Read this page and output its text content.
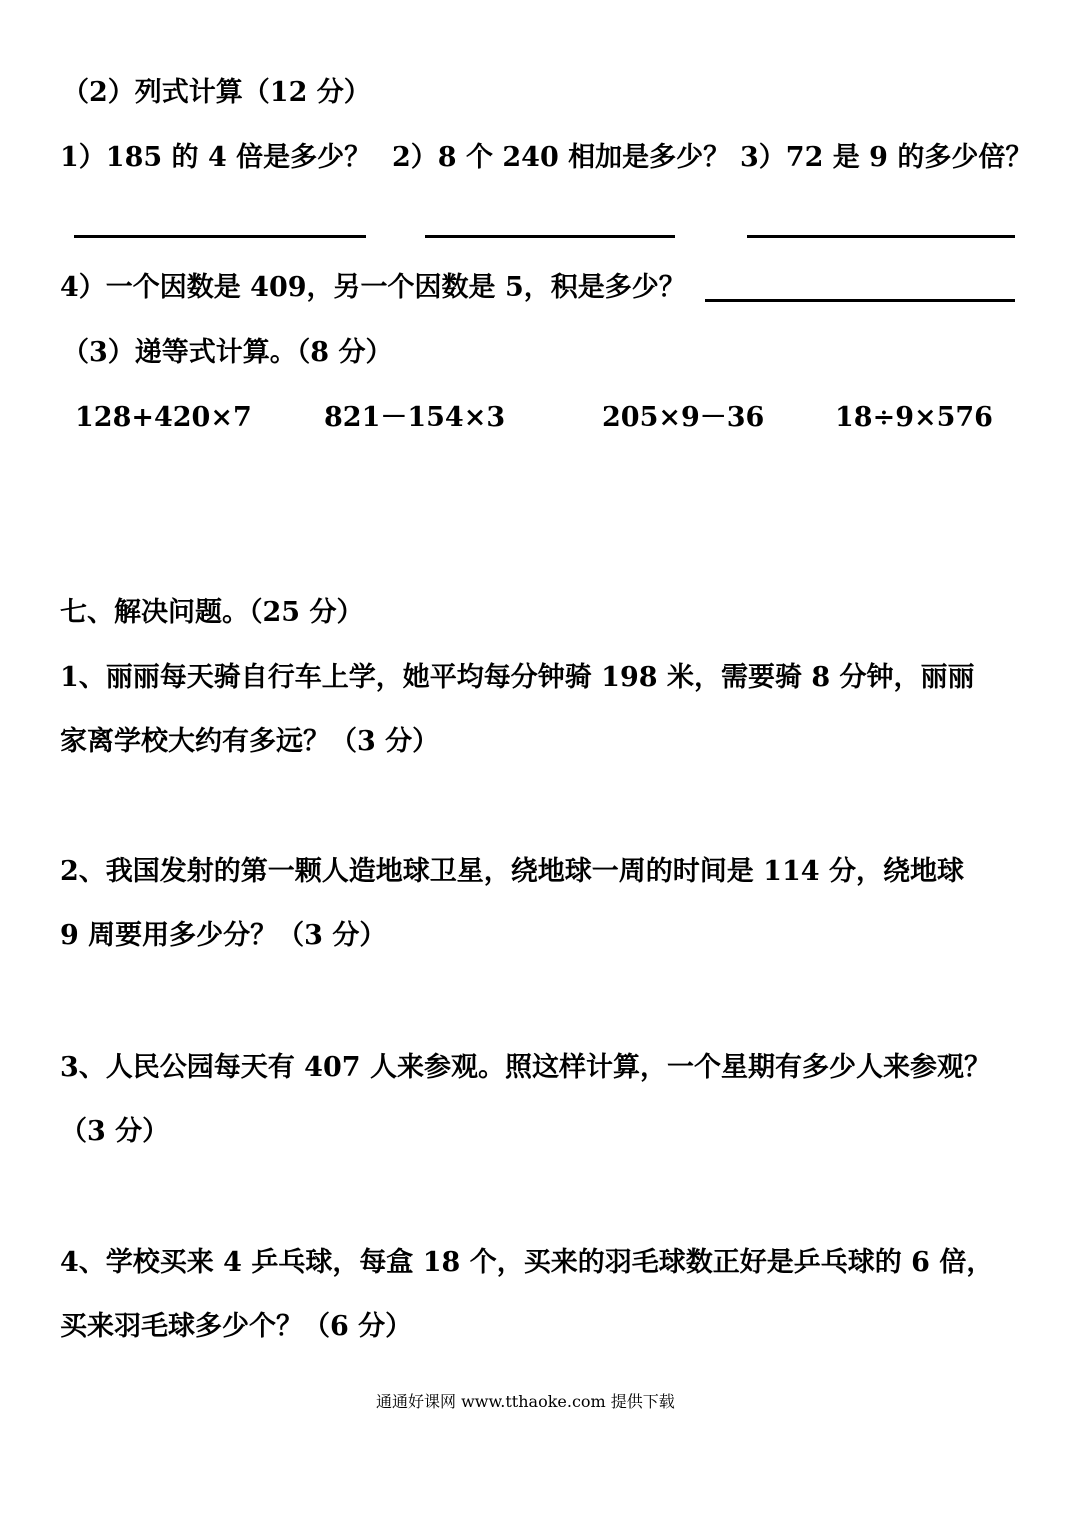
（2）列式计算（12 分）
1）185 的 4 倍是多少？ 2）8 个 240 相加是多少？ 3）72 是 9 的多少倍？
4）一个因数是 409，另一个因数是 5，积是多少？
（3）递等式计算。（8 分）
128+420×7	821－154×3	205×9－36	18÷9×576
七、解决问题。（25 分）
1、丽丽每天骑自行车上学，她平均每分钟骑 198 米，需要骑 8 分钟，丽丽
家离学校大约有多远？（3 分）
2、我国发射的第一颗人造地球卫星，绕地球一周的时间是 114 分，绕地球
9 周要用多少分？（3 分）
3、人民公园每天有 407 人来参观。照这样计算，一个星期有多少人来参观？
（3 分）
4、学校买来 4 乒乓球，每盒 18 个，买来的羽毛球数正好是乒乓球的 6 倍，
买来羽毛球多少个？（6 分）
通通好课网 www.tthaoke.com 提供下载
